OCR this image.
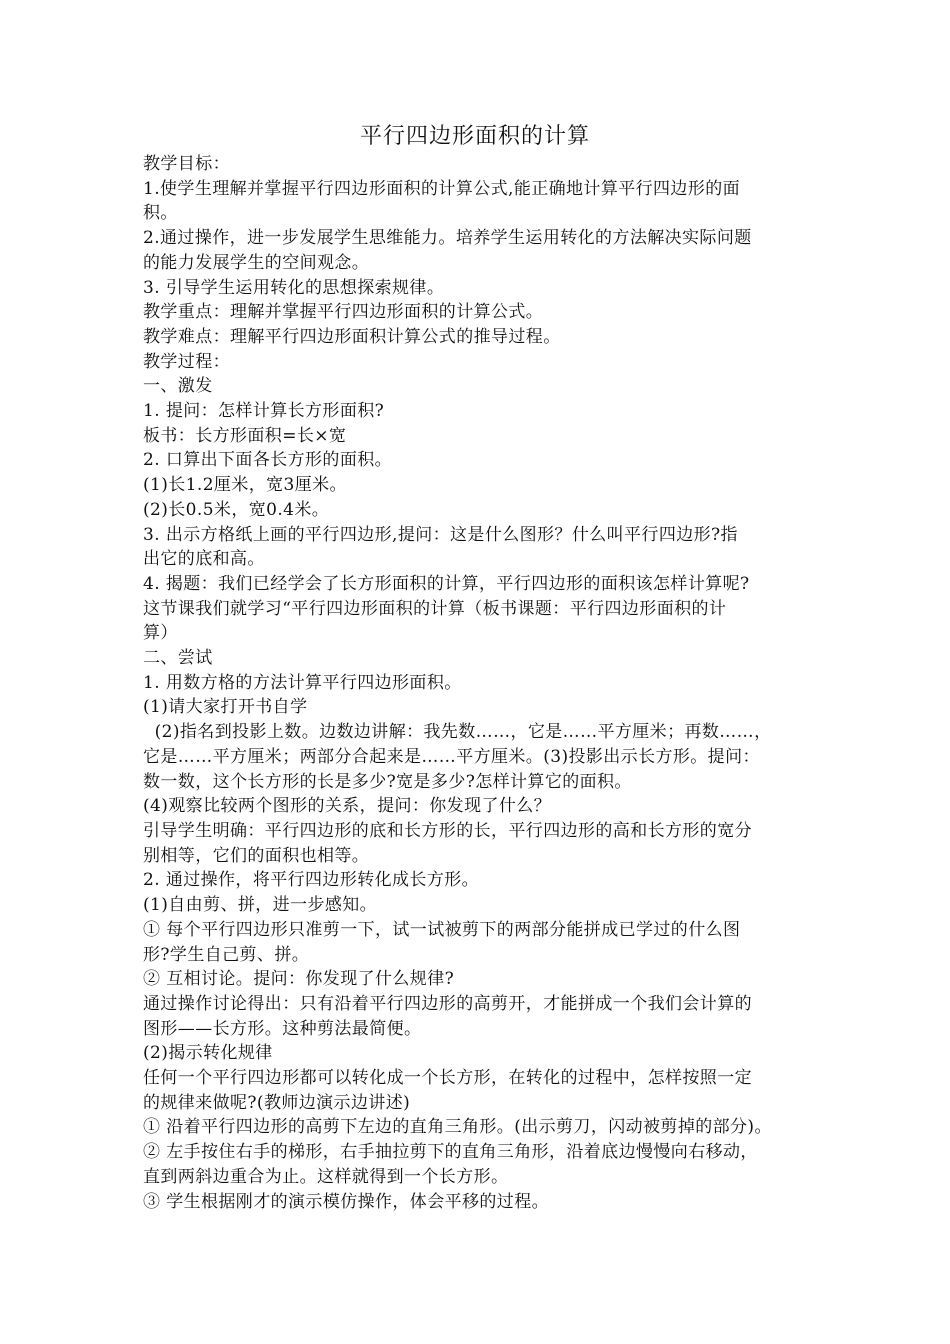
平行四边形面积的计算
教学目标：
1.使学生理解并掌握平行四边形面积的计算公式,能正确地计算平行四边形的面
积。
2.通过操作，进一步发展学生思维能力。培养学生运用转化的方法解决实际问题
的能力发展学生的空间观念。
3. 引导学生运用转化的思想探索规律。
教学重点：理解并掌握平行四边形面积的计算公式。
教学难点：理解平行四边形面积计算公式的推导过程。
教学过程：
一、激发
1. 提问：怎样计算长方形面积?
板书：长方形面积=长×宽
2. 口算出下面各长方形的面积。
(1)长1.2厘米，宽3厘米。
(2)长0.5米，宽0.4米。
3. 出示方格纸上画的平行四边形,提问：这是什么图形？什么叫平行四边形?指
出它的底和高。
4. 揭题：我们已经学会了长方形面积的计算，平行四边形的面积该怎样计算呢?
这节课我们就学习“平行四边形面积的计算（板书课题：平行四边形面积的计
算）
二、尝试
1. 用数方格的方法计算平行四边形面积。
(1)请大家打开书自学
(2)指名到投影上数。边数边讲解：我先数……，它是……平方厘米；再数……，
它是……平方厘米；两部分合起来是……平方厘米。(3)投影出示长方形。提问：
数一数，这个长方形的长是多少?宽是多少?怎样计算它的面积。
(4)观察比较两个图形的关系，提问：你发现了什么？
引导学生明确：平行四边形的底和长方形的长，平行四边形的高和长方形的宽分
别相等，它们的面积也相等。
2. 通过操作，将平行四边形转化成长方形。
(1)自由剪、拼，进一步感知。
① 每个平行四边形只准剪一下，试一试被剪下的两部分能拼成已学过的什么图
形?学生自己剪、拼。
② 互相讨论。提问：你发现了什么规律?
通过操作讨论得出：只有沿着平行四边形的高剪开，才能拼成一个我们会计算的
图形——长方形。这种剪法最简便。
(2)揭示转化规律
任何一个平行四边形都可以转化成一个长方形，在转化的过程中，怎样按照一定
的规律来做呢?(教师边演示边讲述)
① 沿着平行四边形的高剪下左边的直角三角形。(出示剪刀，闪动被剪掉的部分)。
② 左手按住右手的梯形，右手抽拉剪下的直角三角形，沿着底边慢慢向右移动，
直到两斜边重合为止。这样就得到一个长方形。
③ 学生根据刚才的演示模仿操作，体会平移的过程。
